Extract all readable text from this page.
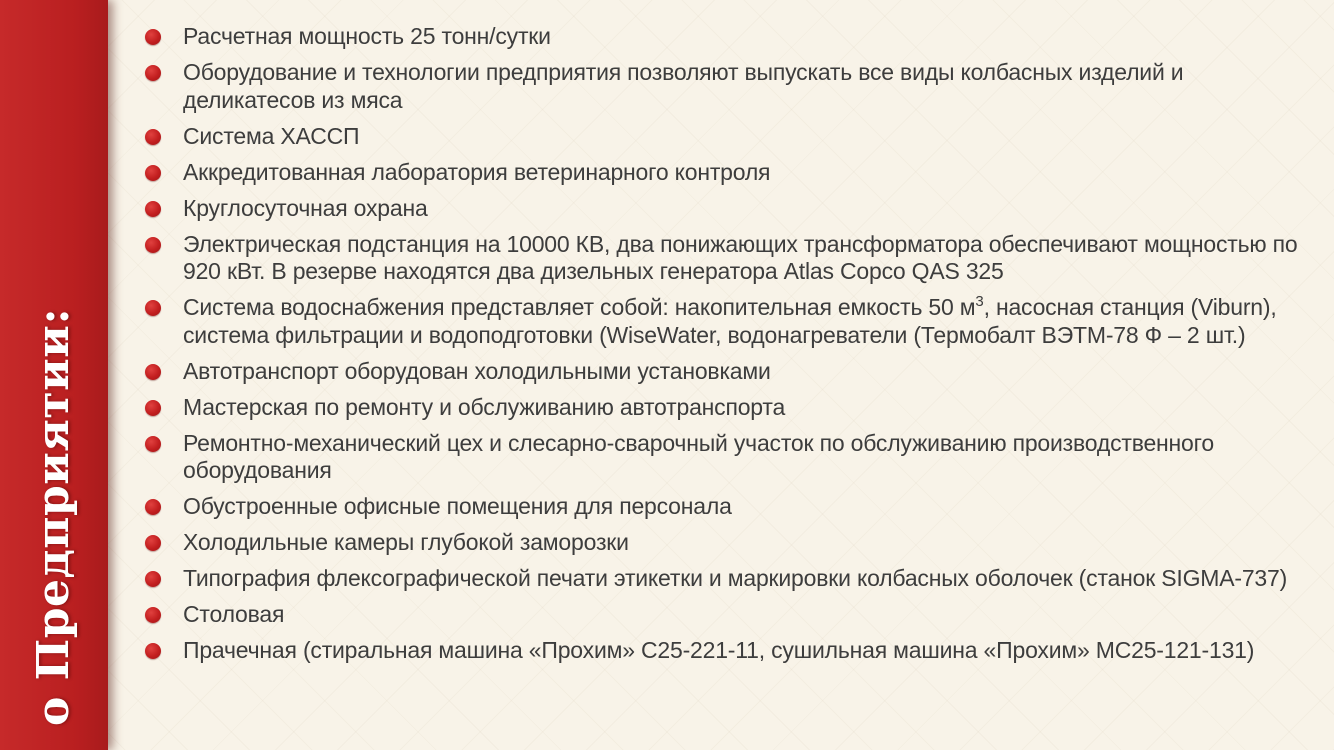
о Предприятии:
Расчетная мощность 25 тонн/сутки
Оборудование и технологии предприятия позволяют выпускать все виды колбасных изделий и деликатесов из мяса
Система ХАССП
Аккредитованная лаборатория ветеринарного контроля
Круглосуточная охрана
Электрическая подстанция на 10000 КВ, два понижающих трансформатора обеспечивают мощностью по 920 кВт. В резерве находятся два дизельных генератора Atlas Copco QAS 325
Система водоснабжения представляет собой: накопительная емкость 50 $м^3$, насосная станция (Viburn), система фильтрации и водоподготовки (WiseWater, водонагреватели (Термобалт ВЭТМ-78 Ф – 2 шт.)
Автотранспорт оборудован холодильными установками
Мастерская по ремонту и обслуживанию автотранспорта
Ремонтно-механический цех и слесарно-сварочный участок по обслуживанию производственного оборудования
Обустроенные офисные помещения для персонала
Холодильные камеры глубокой заморозки
Типография флексографической печати этикетки и маркировки колбасных оболочек (станок SIGMA-737)
Столовая
Прачечная (стиральная машина «Прохим» С25-221-11, сушильная машина «Прохим» МС25-121-131)
